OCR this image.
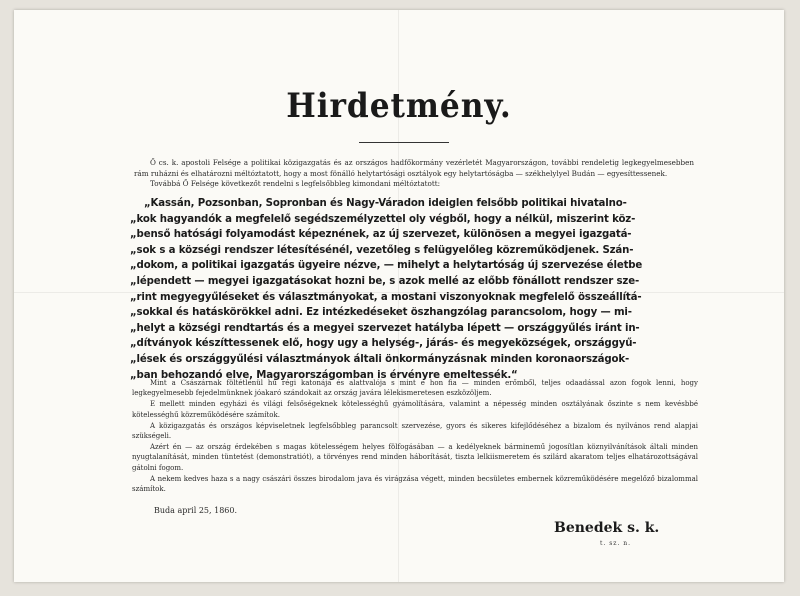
Hirdetmény.

Ő cs. k. apostoli Felsége a politikai közigazgatás és az országos hadfőkormány vezérletét Magyarországon, további rendeletig legkegyelmesebben rám ruházni és elhatározni méltóztatott, hogy a most fönálló helytartósági osztályok egy helytartóságba — székhelylyel Budán — egyesíttessenek.

Továbbá Ő Felsége következőt rendelni s legfelsőbbleg kimondani méltóztatott:

„Kassán, Pozsonban, Sopronban és Nagy-Váradon ideiglen felsőbb politikai hivatalno-
„kok hagyandók a megfelelő segédszemélyzettel oly végből, hogy a nélkül, miszerint köz-
„benső hatósági folyamodást képeznének, az új szervezet, különösen a megyei igazgatá-
„sok s a községi rendszer létesítésénél, vezetőleg s felügyelőleg közreműködjenek. Szán-
„dokom, a politikai igazgatás ügyeire nézve, — mihelyt a helytartóság új szervezése életbe
„lépendett — megyei igazgatásokat hozni be, s azok mellé az előbb fönállott rendszer sze-
„rint megyegyűléseket és választmányokat, a mostani viszonyoknak megfelelő összeállítá-
„sokkal és hatáskörökkel adni. Ez intézkedéseket öszhangzólag parancsolom, hogy — mi-
„helyt a községi rendtartás és a megyei szervezet hatályba lépett — országgyűlés iránt in-
„dítványok készíttessenek elő, hogy ugy a helység-, járás- és megyeközségek, országgyű-
„lések és országgyűlési választmányok általi önkormányzásnak minden koronaországok-
„ban behozandó elve, Magyarországomban is érvényre emeltessék.“

Mint a Császárnak föltétlenül hű régi katonája és alattvalója s mint e hon fia — minden erőmből, teljes odaadással azon fogok lenni, hogy legkegyelmesebb fejedelmünknek jóakaró szándokait az ország javára lélekismeretesen eszközöljem.

E mellett minden egyházi és világi felsőségeknek kötelességhű gyámolítására, valamint a népesség minden osztályának őszinte s nem kevésbbé kötelességhű közreműködésére számítok.

A közigazgatás és országos képviseletnek legfelsőbbleg parancsolt szervezése, gyors és sikeres kifejlődéséhez a bizalom és nyilvános rend alapjai szükségeli.

Azért én — az ország érdekében s magas kötelességem helyes fölfogásában — a kedélyeknek bárminemű jogosítlan köznyilvánítások általi minden nyugtalanítását, minden tüntetést (demonstratiót), a törvényes rend minden háborítását, tiszta lelkiismeretem és szilárd akaratom teljes elhatározottságával gátolni fogom.

A nekem kedves haza s a nagy császári összes birodalom java és virágzása végett, minden becsületes embernek közreműködésére megelőző bizalommal számítok.

Buda april 25, 1860.
Benedek s. k.
t. sz. n.
